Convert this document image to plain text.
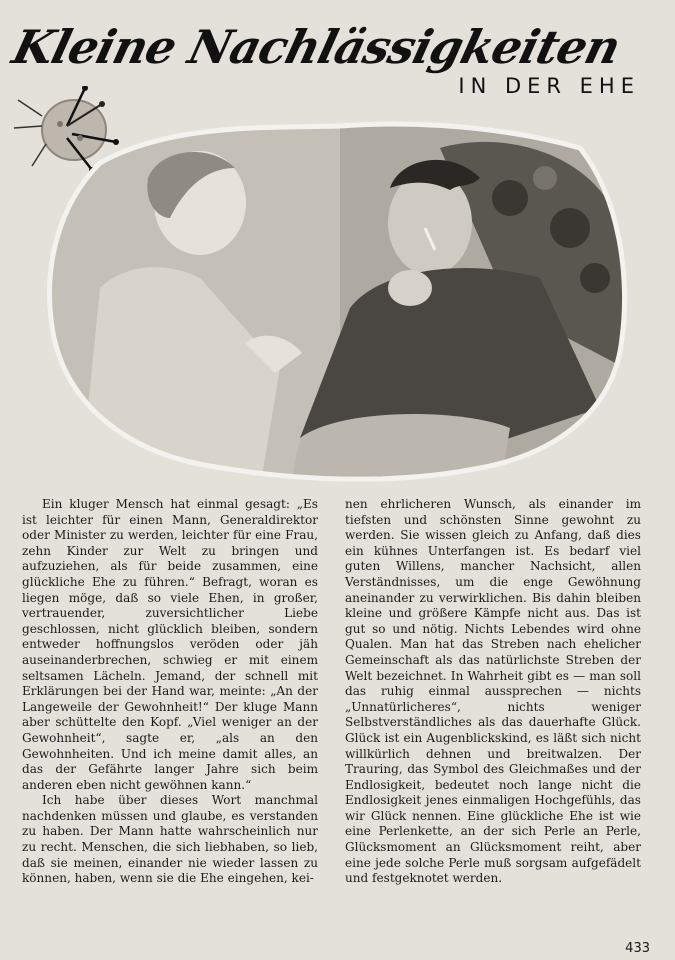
Kleine Nachlässigkeiten
IN DER EHE

Ein kluger Mensch hat einmal gesagt: „Es ist leichter für einen Mann, Generaldirektor oder Minister zu werden, leichter für eine Frau, zehn Kinder zur Welt zu bringen und aufzuziehen, als für beide zusammen, eine glückliche Ehe zu führen.“ Befragt, woran es liegen möge, daß so viele Ehen, in großer, vertrauender, zuversichtlicher Liebe geschlossen, nicht glücklich bleiben, sondern entweder hoffnungslos veröden oder jäh auseinanderbrechen, schwieg er mit einem seltsamen Lächeln. Jemand, der schnell mit Erklärungen bei der Hand war, meinte: „An der Langeweile der Gewohnheit!“ Der kluge Mann aber schüttelte den Kopf. „Viel weniger an der Gewohnheit“, sagte er, „als an den Gewohnheiten. Und ich meine damit alles, an das der Gefährte langer Jahre sich beim anderen eben nicht gewöhnen kann.“

Ich habe über dieses Wort manchmal nachdenken müssen und glaube, es verstanden zu haben. Der Mann hatte wahrscheinlich nur zu recht. Menschen, die sich liebhaben, so lieb, daß sie meinen, einander nie wieder lassen zu können, haben, wenn sie die Ehe eingehen, kei-

nen ehrlicheren Wunsch, als einander im tiefsten und schönsten Sinne gewohnt zu werden. Sie wissen gleich zu Anfang, daß dies ein kühnes Unterfangen ist. Es bedarf viel guten Willens, mancher Nachsicht, allen Verständnisses, um die enge Gewöhnung aneinander zu verwirklichen. Bis dahin bleiben kleine und größere Kämpfe nicht aus. Das ist gut so und nötig. Nichts Lebendes wird ohne Qualen. Man hat das Streben nach ehelicher Gemeinschaft als das natürlichste Streben der Welt bezeichnet. In Wahrheit gibt es — man soll das ruhig einmal aussprechen — nichts „Unnatürlicheres“, nichts weniger Selbstverständliches als das dauerhafte Glück. Glück ist ein Augenblickskind, es läßt sich nicht willkürlich dehnen und breitwalzen. Der Trauring, das Symbol des Gleichmaßes und der Endlosigkeit, bedeutet noch lange nicht die Endlosigkeit jenes einmaligen Hochgefühls, das wir Glück nennen. Eine glückliche Ehe ist wie eine Perlenkette, an der sich Perle an Perle, Glücksmoment an Glücksmoment reiht, aber eine jede solche Perle muß sorgsam aufgefädelt und festgeknotet werden.

433
